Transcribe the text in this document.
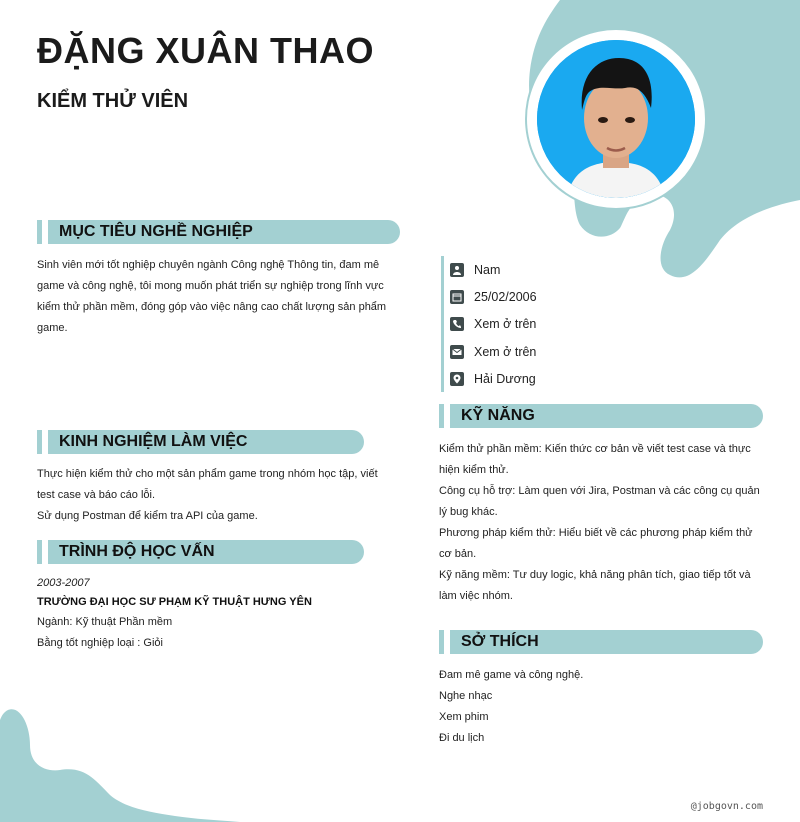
ĐẶNG XUÂN THAO
KIỂM THỬ VIÊN
MỤC TIÊU NGHỀ NGHIỆP
Sinh viên mới tốt nghiệp chuyên ngành Công nghệ Thông tin, đam mê
game và công nghệ, tôi mong muốn phát triển sự nghiệp trong lĩnh vực
kiểm thử phần mềm, đóng góp vào việc nâng cao chất lượng sản phẩm
game.
KINH NGHIỆM LÀM VIỆC
Thực hiện kiểm thử cho một sản phẩm game trong nhóm học tập, viết
test case và báo cáo lỗi.
Sử dụng Postman để kiểm tra API của game.
TRÌNH ĐỘ HỌC VẤN
2003-2007
TRƯỜNG ĐẠI HỌC SƯ PHẠM KỸ THUẬT HƯNG YÊN
Ngành: Kỹ thuật Phần mềm
Bằng tốt nghiệp loại : Giỏi
Nam
25/02/2006
Xem ở trên
Xem ở trên
Hải Dương
KỸ NĂNG
Kiểm thử phần mềm: Kiến thức cơ bản về viết test case và thực
hiện kiểm thử.
Công cụ hỗ trợ: Làm quen với Jira, Postman và các công cụ quản
lý bug khác.
Phương pháp kiểm thử: Hiểu biết về các phương pháp kiểm thử
cơ bản.
Kỹ năng mềm: Tư duy logic, khả năng phân tích, giao tiếp tốt và
làm việc nhóm.
SỞ THÍCH
Đam mê game và công nghệ.
Nghe nhạc
Xem phim
Đi du lịch
@jobgovn.com
